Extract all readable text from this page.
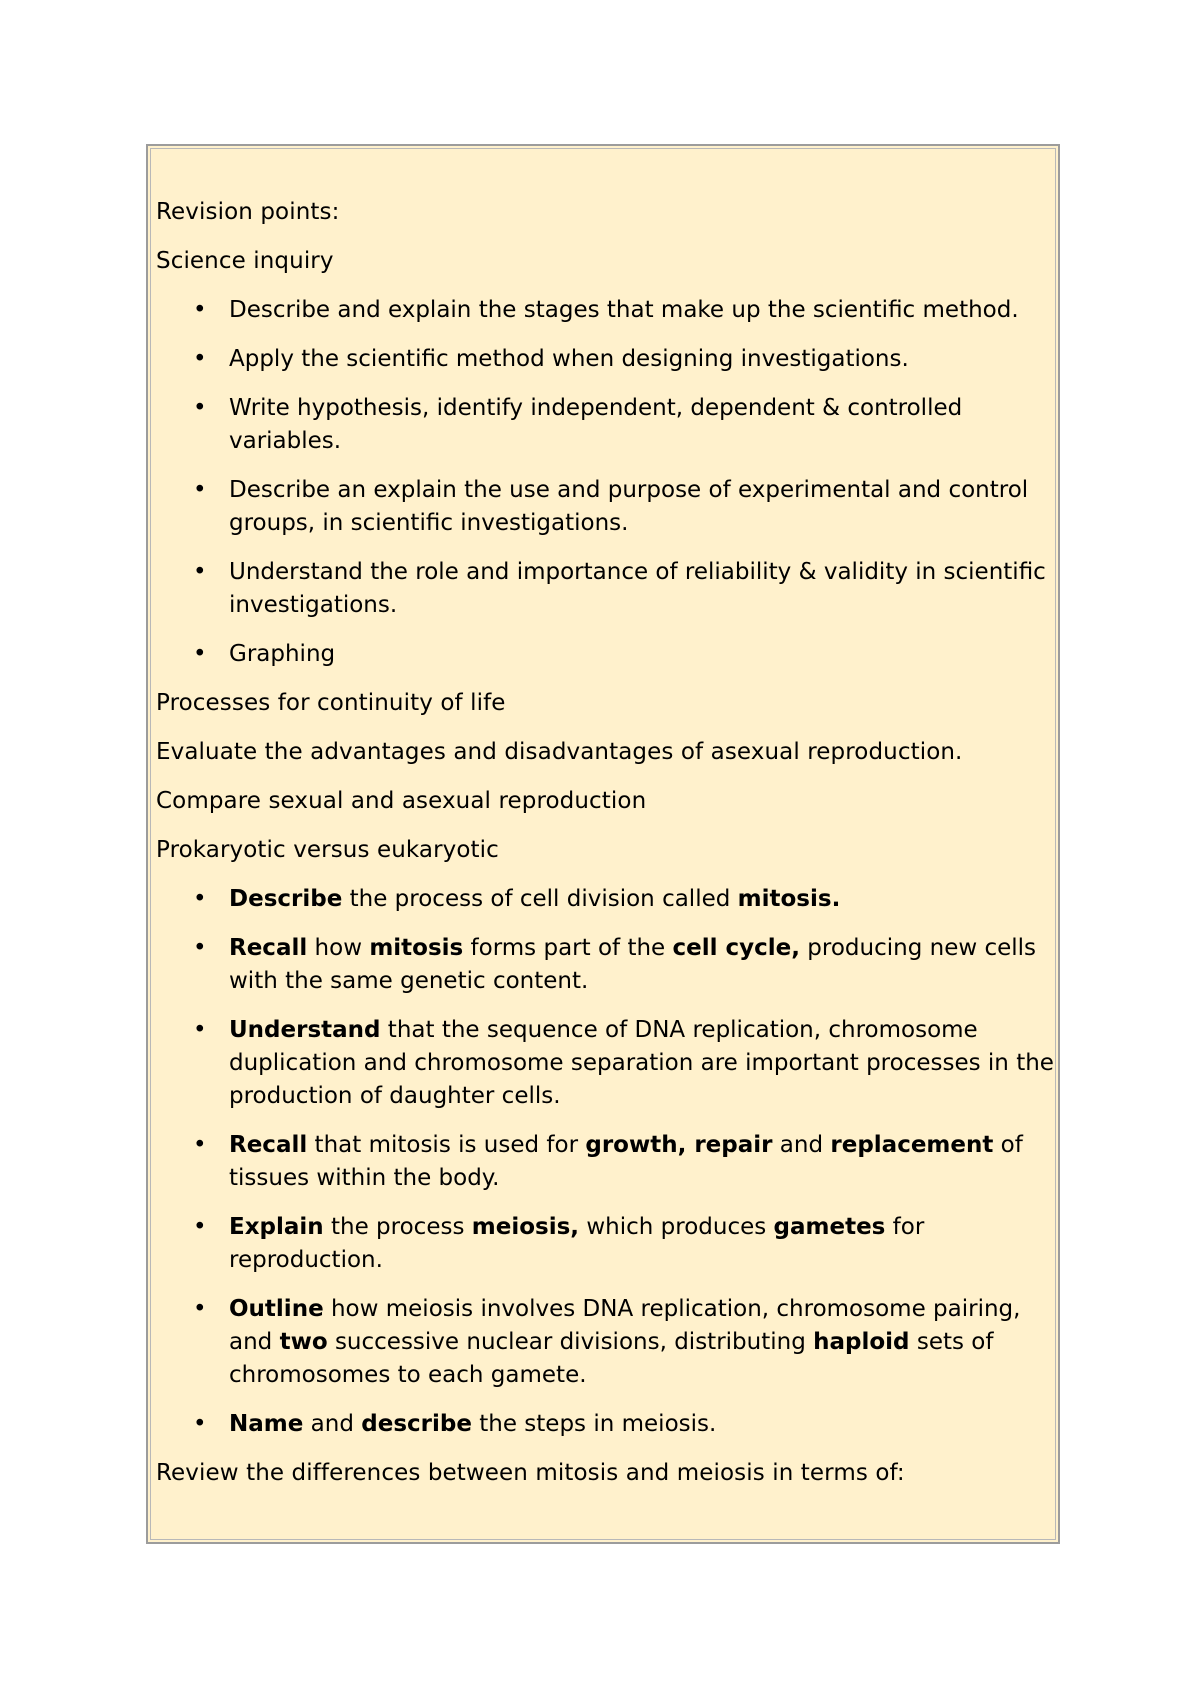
Revision points:

Science inquiry

• Describe and explain the stages that make up the scientific method.
• Apply the scientific method when designing investigations.
• Write hypothesis, identify independent, dependent & controlled variables.
• Describe an explain the use and purpose of experimental and control groups, in scientific investigations.
• Understand the role and importance of reliability & validity in scientific investigations.
• Graphing

Processes for continuity of life

Evaluate the advantages and disadvantages of asexual reproduction.

Compare sexual and asexual reproduction

Prokaryotic versus eukaryotic

• Describe the process of cell division called mitosis.
• Recall how mitosis forms part of the cell cycle, producing new cells with the same genetic content.
• Understand that the sequence of DNA replication, chromosome duplication and chromosome separation are important processes in the production of daughter cells.
• Recall that mitosis is used for growth, repair and replacement of tissues within the body.
• Explain the process meiosis, which produces gametes for reproduction.
• Outline how meiosis involves DNA replication, chromosome pairing, and two successive nuclear divisions, distributing haploid sets of chromosomes to each gamete.
• Name and describe the steps in meiosis.

Review the differences between mitosis and meiosis in terms of:
